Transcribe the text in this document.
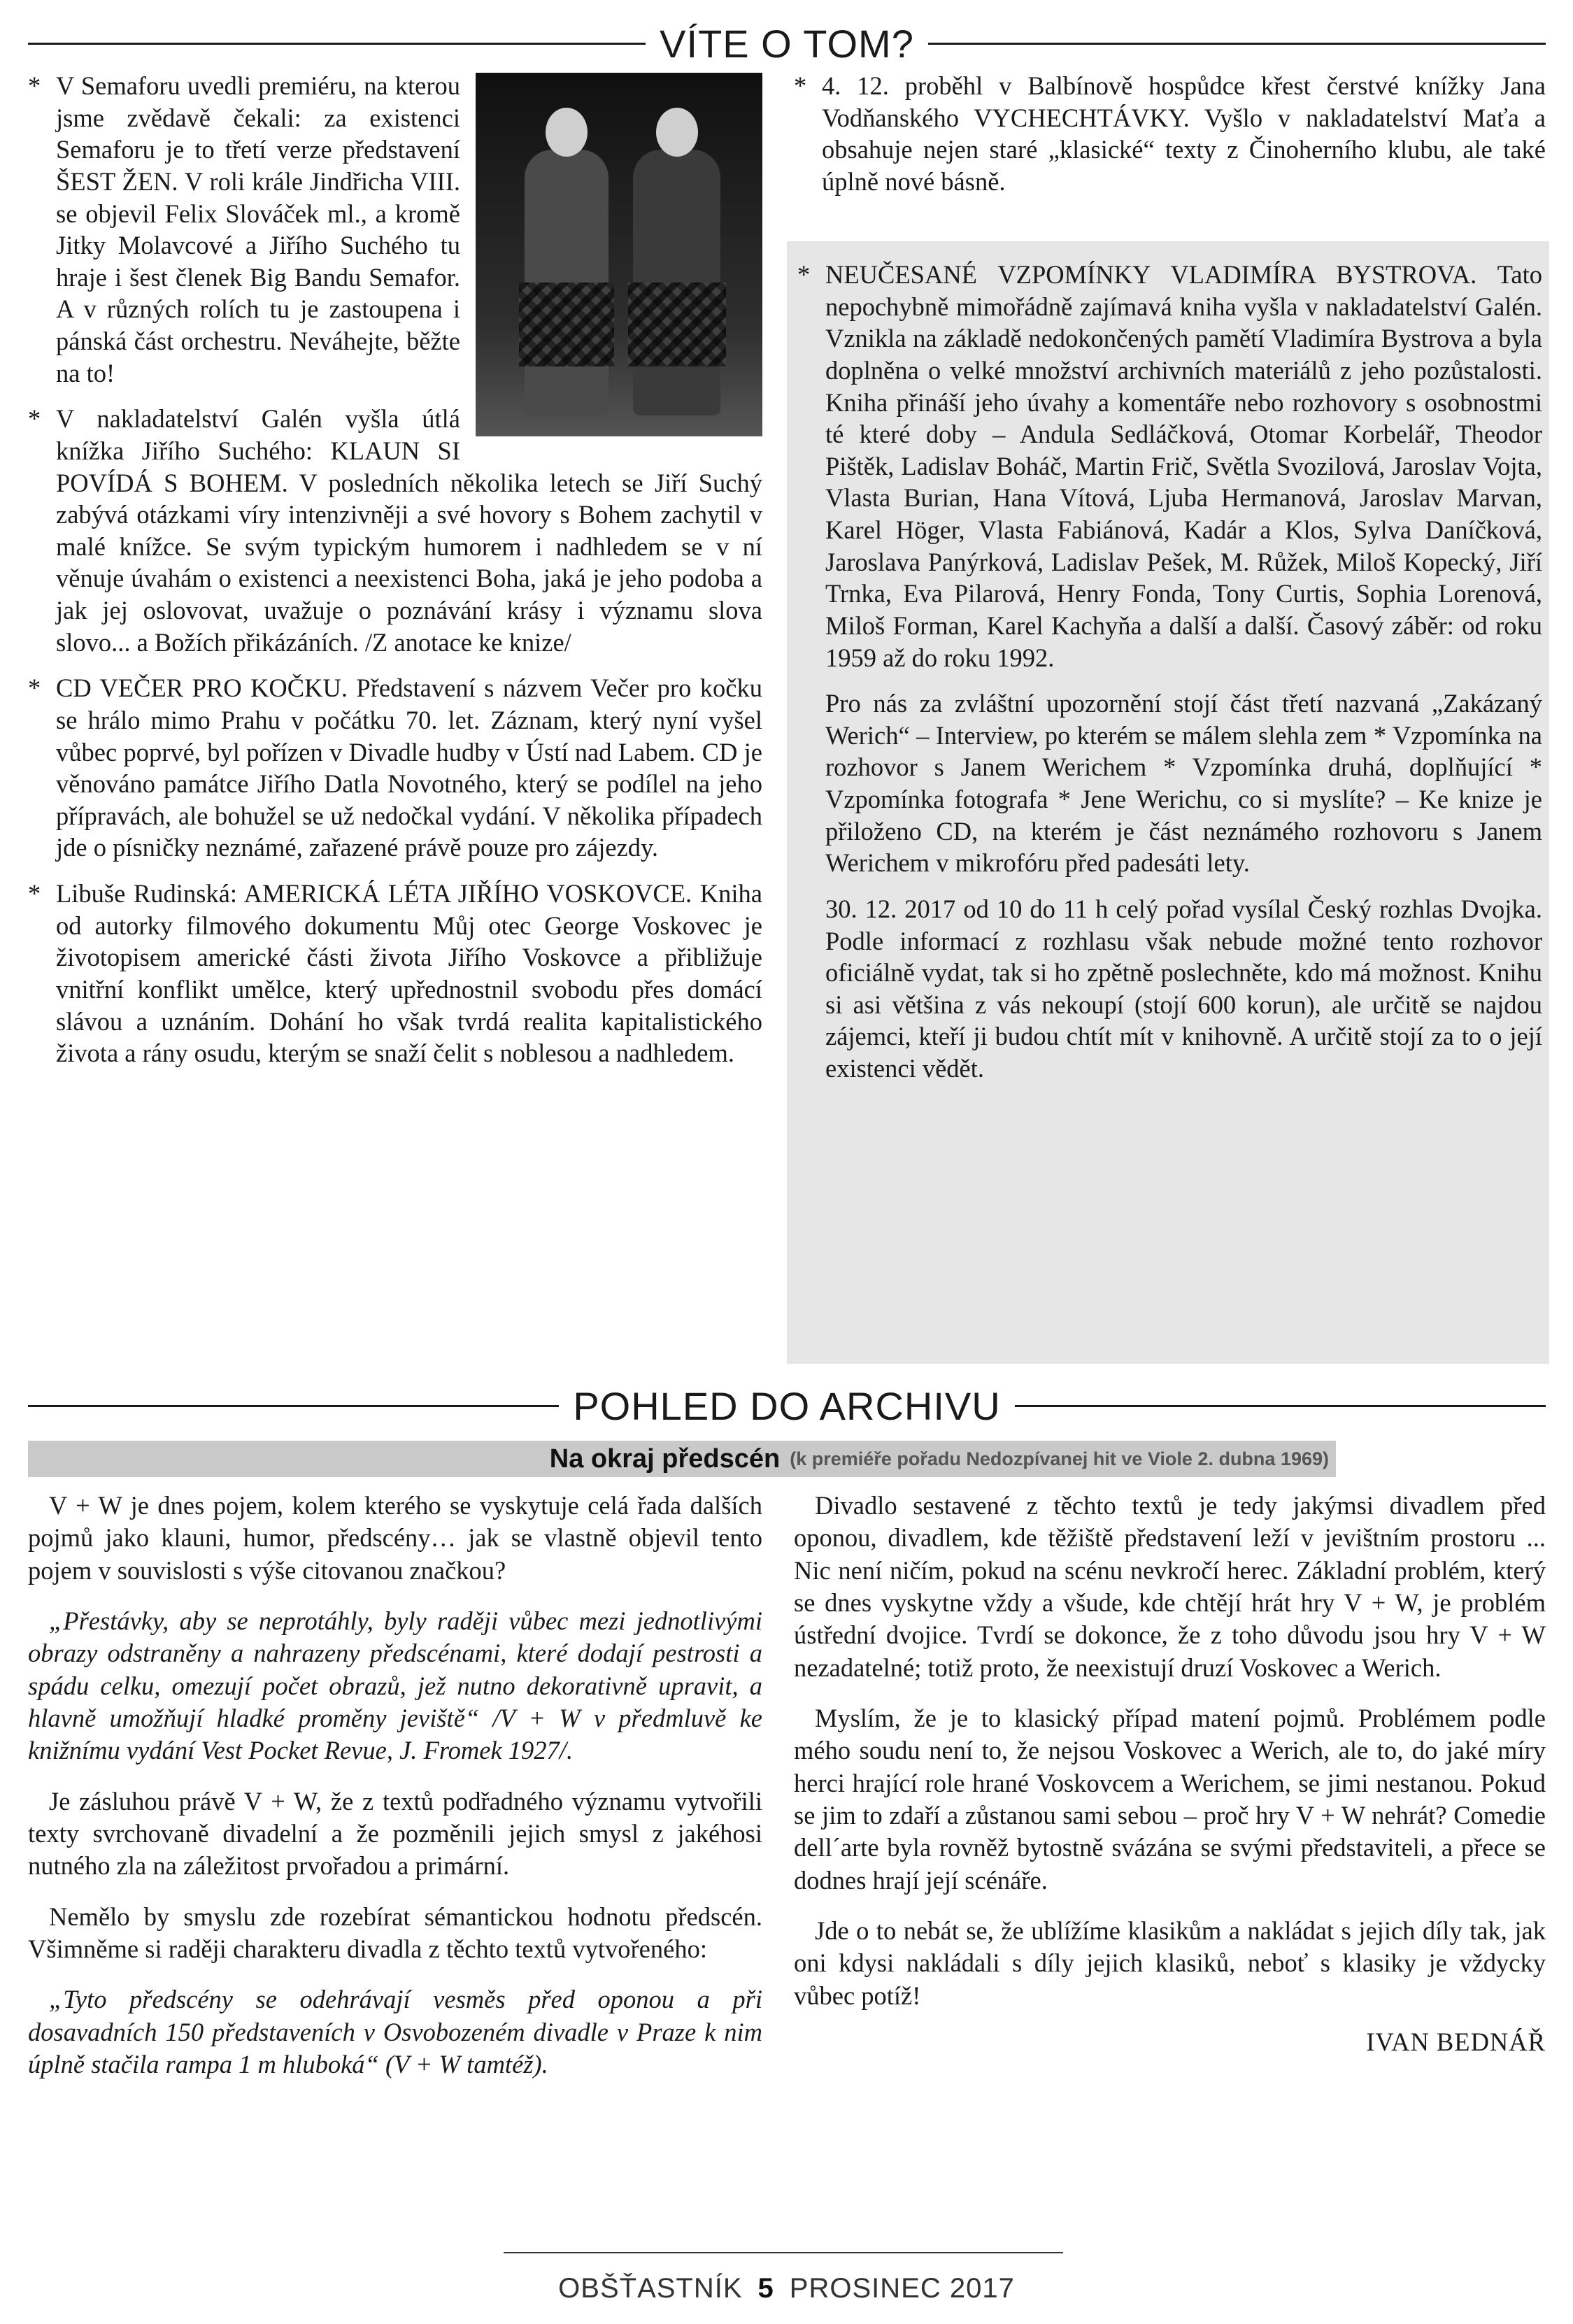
VÍTE O TOM?
* V Semaforu uvedli premiéru, na kterou jsme zvědavě čekali: za existenci Semaforu je to třetí verze představení ŠEST ŽEN. V roli krále Jindřicha VIII. se objevil Felix Slováček ml., a kromě Jitky Molavcové a Jiřího Suchého tu hraje i šest členek Big Bandu Semafor. A v různých rolích tu je zastoupena i pánská část orchestru. Neváhejte, běžte na to!

* V nakladatelství Galén vyšla útlá knížka Jiřího Suchého: KLAUN SI POVÍDÁ S BOHEM. V posledních několika letech se Jiří Suchý zabývá otázkami víry intenzivněji a své hovory s Bohem zachytil v malé knížce. Se svým typickým humorem i nadhledem se v ní věnuje úvahám o existenci a neexistenci Boha, jaká je jeho podoba a jak jej oslovovat, uvažuje o poznávání krásy i významu slova slovo... a Božích přikázáních. /Z anotace ke knize/

* CD VEČER PRO KOČKU. Představení s názvem Večer pro kočku se hrálo mimo Prahu v počátku 70. let. Záznam, který nyní vyšel vůbec poprvé, byl pořízen v Divadle hudby v Ústí nad Labem. CD je věnováno památce Jiřího Datla Novotného, který se podílel na jeho přípravách, ale bohužel se už nedočkal vydání. V několika případech jde o písničky neznámé, zařazené právě pouze pro zájezdy.

* Libuše Rudinská: AMERICKÁ LÉTA JIŘÍHO VOSKOVCE. Kniha od autorky filmového dokumentu Můj otec George Voskovec je životopisem americké části života Jiřího Voskovce a přibližuje vnitřní konflikt umělce, který upřednostnil svobodu přes domácí slávou a uznáním. Dohání ho však tvrdá realita kapitalistického života a rány osudu, kterým se snaží čelit s noblesou a nadhledem.

* 4. 12. proběhl v Balbínově hospůdce křest čerstvé knížky Jana Vodňanského VYCHECHTÁVKY. Vyšlo v nakladatelství Maťa a obsahuje nejen staré „klasické“ texty z Činoherního klubu, ale také úplně nové básně.

* NEUČESANÉ VZPOMÍNKY VLADIMÍRA BYSTROVA. Tato nepochybně mimořádně zajímavá kniha vyšla v nakladatelství Galén. Vznikla na základě nedokončených pamětí Vladimíra Bystrova a byla doplněna o velké množství archivních materiálů z jeho pozůstalosti. Kniha přináší jeho úvahy a komentáře nebo rozhovory s osobnostmi té které doby – Andula Sedláčková, Otomar Korbelář, Theodor Pištěk, Ladislav Boháč, Martin Frič, Světla Svozilová, Jaroslav Vojta, Vlasta Burian, Hana Vítová, Ljuba Hermanová, Jaroslav Marvan, Karel Höger, Vlasta Fabiánová, Kadár a Klos, Sylva Daníčková, Jaroslava Panýrková, Ladislav Pešek, M. Růžek, Miloš Kopecký, Jiří Trnka, Eva Pilarová, Henry Fonda, Tony Curtis, Sophia Lorenová, Miloš Forman, Karel Kachyňa a další a další. Časový záběr: od roku 1959 až do roku 1992.

Pro nás za zvláštní upozornění stojí část třetí nazvaná „Zakázaný Werich“ – Interview, po kterém se málem slehla zem * Vzpomínka na rozhovor s Janem Werichem * Vzpomínka druhá, doplňující * Vzpomínka fotografa * Jene Werichu, co si myslíte? – Ke knize je přiloženo CD, na kterém je část neznámého rozhovoru s Janem Werichem v mikrofóru před padesáti lety.

30. 12. 2017 od 10 do 11 h celý pořad vysílal Český rozhlas Dvojka. Podle informací z rozhlasu však nebude možné tento rozhovor oficiálně vydat, tak si ho zpětně poslechněte, kdo má možnost. Knihu si asi většina z vás nekoupí (stojí 600 korun), ale určitě se najdou zájemci, kteří ji budou chtít mít v knihovně. A určitě stojí za to o její existenci vědět.

POHLED DO ARCHIVU
Na okraj předscén (k premiéře pořadu Nedozpívanej hit ve Viole 2. dubna 1969)

V + W je dnes pojem, kolem kterého se vyskytuje celá řada dalších pojmů jako klauni, humor, předscény… jak se vlastně objevil tento pojem v souvislosti s výše citovanou značkou?

„Přestávky, aby se neprotáhly, byly raději vůbec mezi jednotlivými obrazy odstraněny a nahrazeny předscénami, které dodají pestrosti a spádu celku, omezují počet obrazů, jež nutno dekorativně upravit, a hlavně umožňují hladké proměny jeviště“ /V + W v předmluvě ke knižnímu vydání Vest Pocket Revue, J. Fromek 1927/.

Je zásluhou právě V + W, že z textů podřadného významu vytvořili texty svrchovaně divadelní a že pozměnili jejich smysl z jakéhosi nutného zla na záležitost prvořadou a primární.

Nemělo by smyslu zde rozebírat sémantickou hodnotu předscén. Všimněme si raději charakteru divadla z těchto textů vytvořeného:

„Tyto předscény se odehrávají vesměs před oponou a při dosavadních 150 představeních v Osvobozeném divadle v Praze k nim úplně stačila rampa 1 m hluboká“ (V + W tamtéž).

Divadlo sestavené z těchto textů je tedy jakýmsi divadlem před oponou, divadlem, kde těžiště představení leží v jevištním prostoru ... Nic není ničím, pokud na scénu nevkročí herec. Základní problém, který se dnes vyskytne vždy a všude, kde chtějí hrát hry V + W, je problém ústřední dvojice. Tvrdí se dokonce, že z toho důvodu jsou hry V + W nezadatelné; totiž proto, že neexistují druzí Voskovec a Werich.

Myslím, že je to klasický případ matení pojmů. Problémem podle mého soudu není to, že nejsou Voskovec a Werich, ale to, do jaké míry herci hrající role hrané Voskovcem a Werichem, se jimi nestanou. Pokud se jim to zdaří a zůstanou sami sebou – proč hry V + W nehrát? Comedie dell´arte byla rovněž bytostně svázána se svými představiteli, a přece se dodnes hrají její scénáře.

Jde o to nebát se, že ublížíme klasikům a nakládat s jejich díly tak, jak oni kdysi nakládali s díly jejich klasiků, neboť s klasiky je vždycky vůbec potíž!

IVAN BEDNÁŘ
OBŠŤASTNÍK 5 PROSINEC 2017
